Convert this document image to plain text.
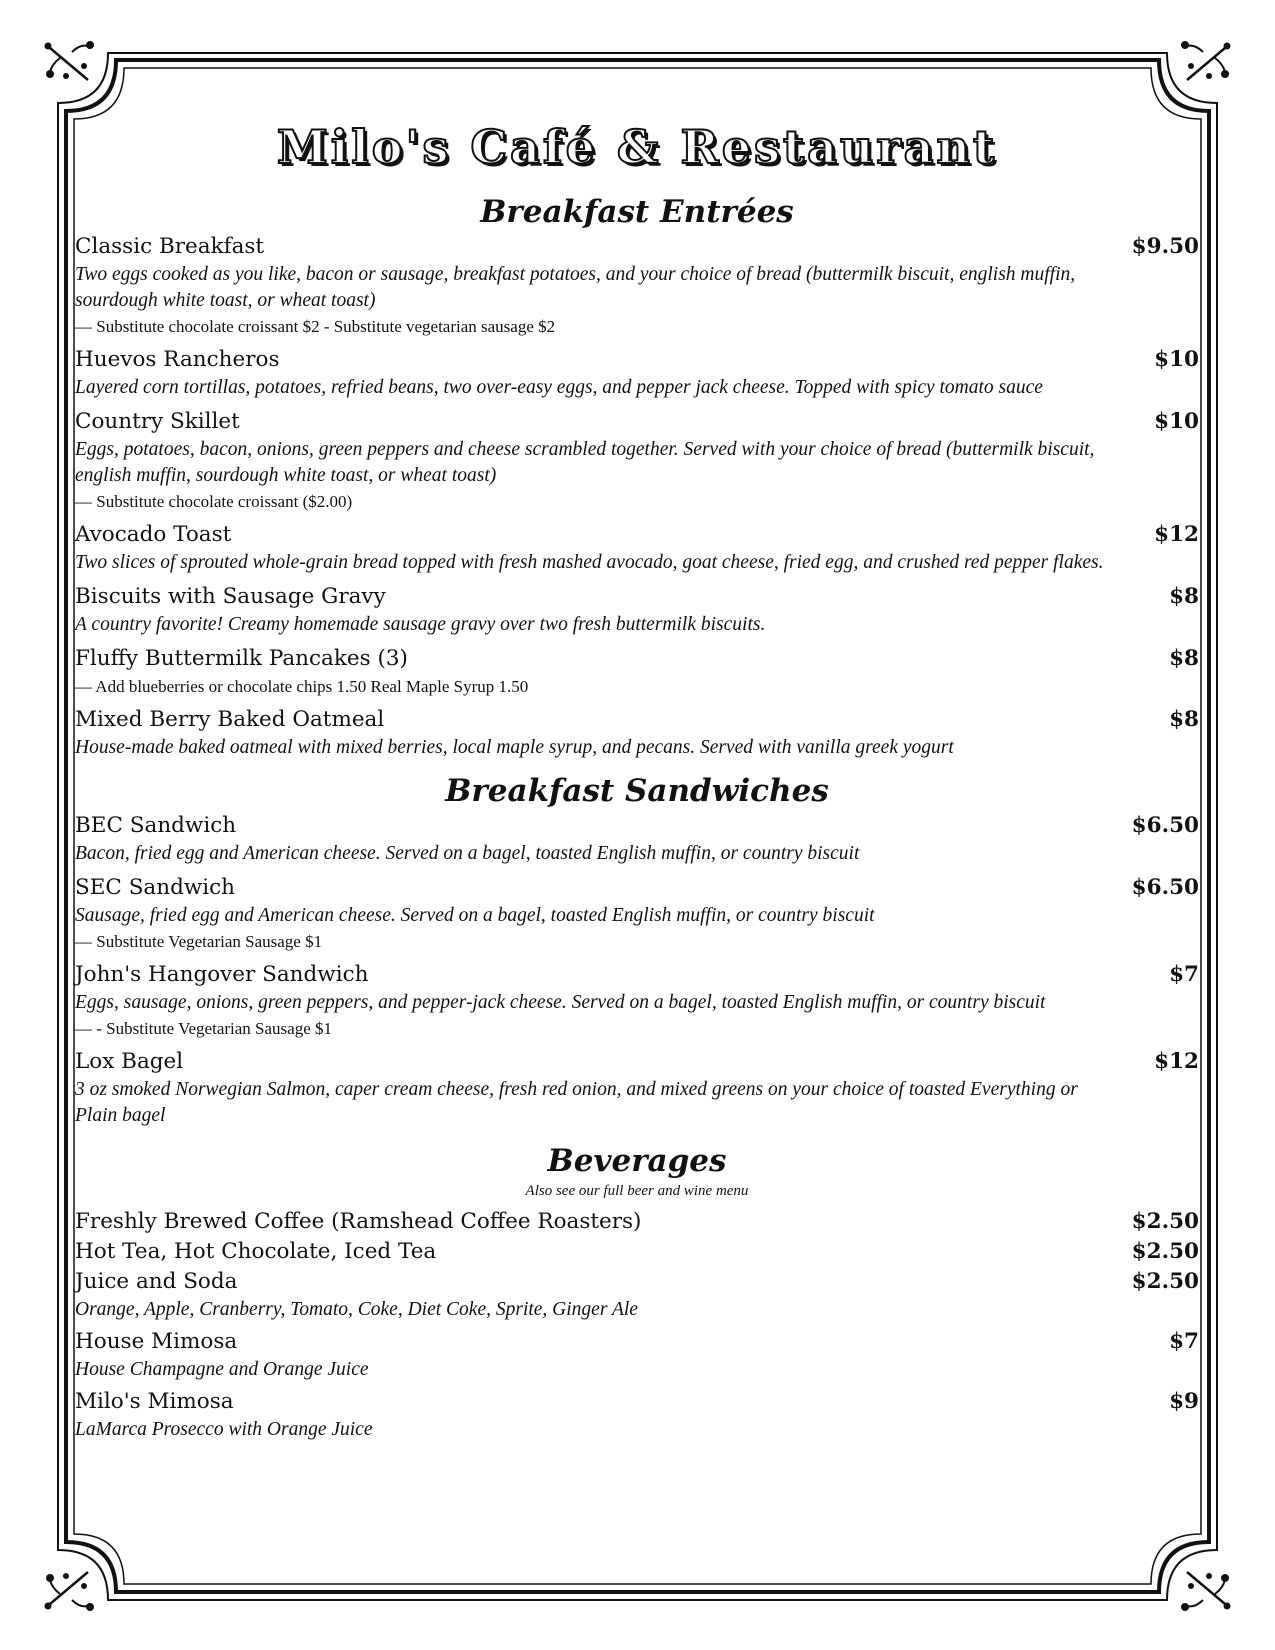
Milo's Café & Restaurant
Breakfast Entrées
Classic Breakfast	$9.50

Two eggs cooked as you like, bacon or sausage, breakfast potatoes, and your choice of bread (buttermilk biscuit, english muffin, sourdough white toast, or wheat toast)

— Substitute chocolate croissant $2 - Substitute vegetarian sausage $2

Huevos Rancheros	$10

Layered corn tortillas, potatoes, refried beans, two over-easy eggs, and pepper jack cheese. Topped with spicy tomato sauce

Country Skillet	$10

Eggs, potatoes, bacon, onions, green peppers and cheese scrambled together. Served with your choice of bread (buttermilk biscuit, english muffin, sourdough white toast, or wheat toast)

— Substitute chocolate croissant ($2.00)

Avocado Toast	$12

Two slices of sprouted whole-grain bread topped with fresh mashed avocado, goat cheese, fried egg, and crushed red pepper flakes.

Biscuits with Sausage Gravy	$8

A country favorite! Creamy homemade sausage gravy over two fresh buttermilk biscuits.

Fluffy Buttermilk Pancakes (3)	$8

— Add blueberries or chocolate chips 1.50 Real Maple Syrup 1.50

Mixed Berry Baked Oatmeal	$8

House-made baked oatmeal with mixed berries, local maple syrup, and pecans. Served with vanilla greek yogurt

Breakfast Sandwiches
BEC Sandwich	$6.50

Bacon, fried egg and American cheese. Served on a bagel, toasted English muffin, or country biscuit

SEC Sandwich	$6.50

Sausage, fried egg and American cheese. Served on a bagel, toasted English muffin, or country biscuit

— Substitute Vegetarian Sausage $1

John's Hangover Sandwich	$7

Eggs, sausage, onions, green peppers, and pepper-jack cheese. Served on a bagel, toasted English muffin, or country biscuit

— - Substitute Vegetarian Sausage $1

Lox Bagel	$12

3 oz smoked Norwegian Salmon, caper cream cheese, fresh red onion, and mixed greens on your choice of toasted Everything or Plain bagel

Beverages

Also see our full beer and wine menu

Freshly Brewed Coffee (Ramshead Coffee Roasters)	$2.50
Hot Tea, Hot Chocolate, Iced Tea	$2.50
Juice and Soda	$2.50

Orange, Apple, Cranberry, Tomato, Coke, Diet Coke, Sprite, Ginger Ale

House Mimosa	$7

House Champagne and Orange Juice

Milo's Mimosa	$9

LaMarca Prosecco with Orange Juice
